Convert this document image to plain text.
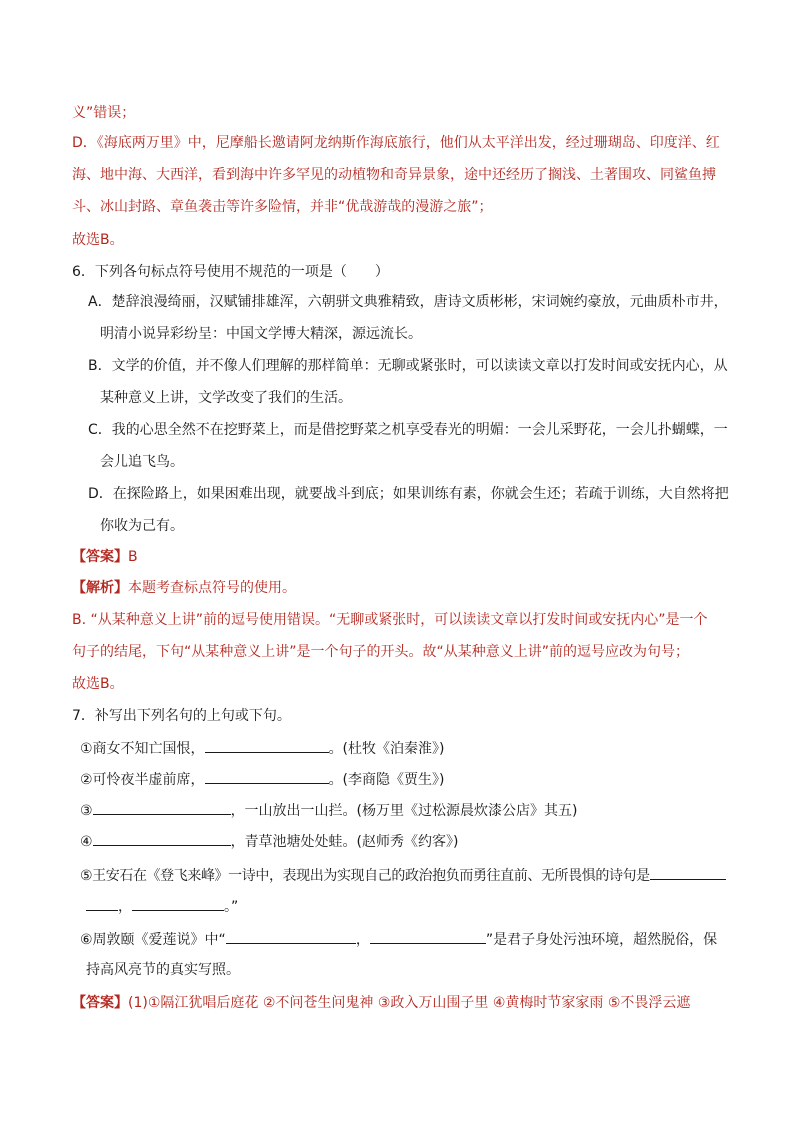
义”错误；
D．《海底两万里》中，尼摩船长邀请阿龙纳斯作海底旅行，他们从太平洋出发，经过珊瑚岛、印度洋、红
海、地中海、大西洋，看到海中许多罕见的动植物和奇异景象，途中还经历了搁浅、土著围攻、同鲨鱼搏
斗、冰山封路、章鱼袭击等许多险情，并非“优哉游哉的漫游之旅”；
故选B。
6．下列各句标点符号使用不规范的一项是（　　）
A．楚辞浪漫绮丽，汉赋铺排雄浑，六朝骈文典雅精致，唐诗文质彬彬，宋词婉约豪放，元曲质朴市井，
明清小说异彩纷呈：中国文学博大精深，源远流长。
B．文学的价值，并不像人们理解的那样简单：无聊或紧张时，可以读读文章以打发时间或安抚内心，从
某种意义上讲，文学改变了我们的生活。
C．我的心思全然不在挖野菜上，而是借挖野菜之机享受春光的明媚：一会儿采野花，一会儿扑蝴蝶，一
会儿追飞鸟。
D．在探险路上，如果困难出现，就要战斗到底；如果训练有素，你就会生还；若疏于训练，大自然将把
你收为己有。
【答案】B
【解析】本题考查标点符号的使用。
B. “从某种意义上讲”前的逗号使用错误。“无聊或紧张时，可以读读文章以打发时间或安抚内心”是一个
句子的结尾，下句“从某种意义上讲”是一个句子的开头。故“从某种意义上讲”前的逗号应改为句号；
故选B。
7．补写出下列名句的上句或下句。
①商女不知亡国恨，	。(杜牧《泊秦淮》)
②可怜夜半虚前席，	。(李商隐《贾生》)
③	，一山放出一山拦。(杨万里《过松源晨炊漆公店》其五)
④	，青草池塘处处蛙。(赵师秀《约客》)
⑤王安石在《登飞来峰》一诗中，表现出为实现自己的政治抱负而勇往直前、无所畏惧的诗句是
，	。”
⑥周敦颐《爱莲说》中“	，	”是君子身处污浊环境，超然脱俗，保
持高风亮节的真实写照。
【答案】(1)①隔江犹唱后庭花 ②不问苍生问鬼神 ③政入万山围子里 ④黄梅时节家家雨 ⑤不畏浮云遮
